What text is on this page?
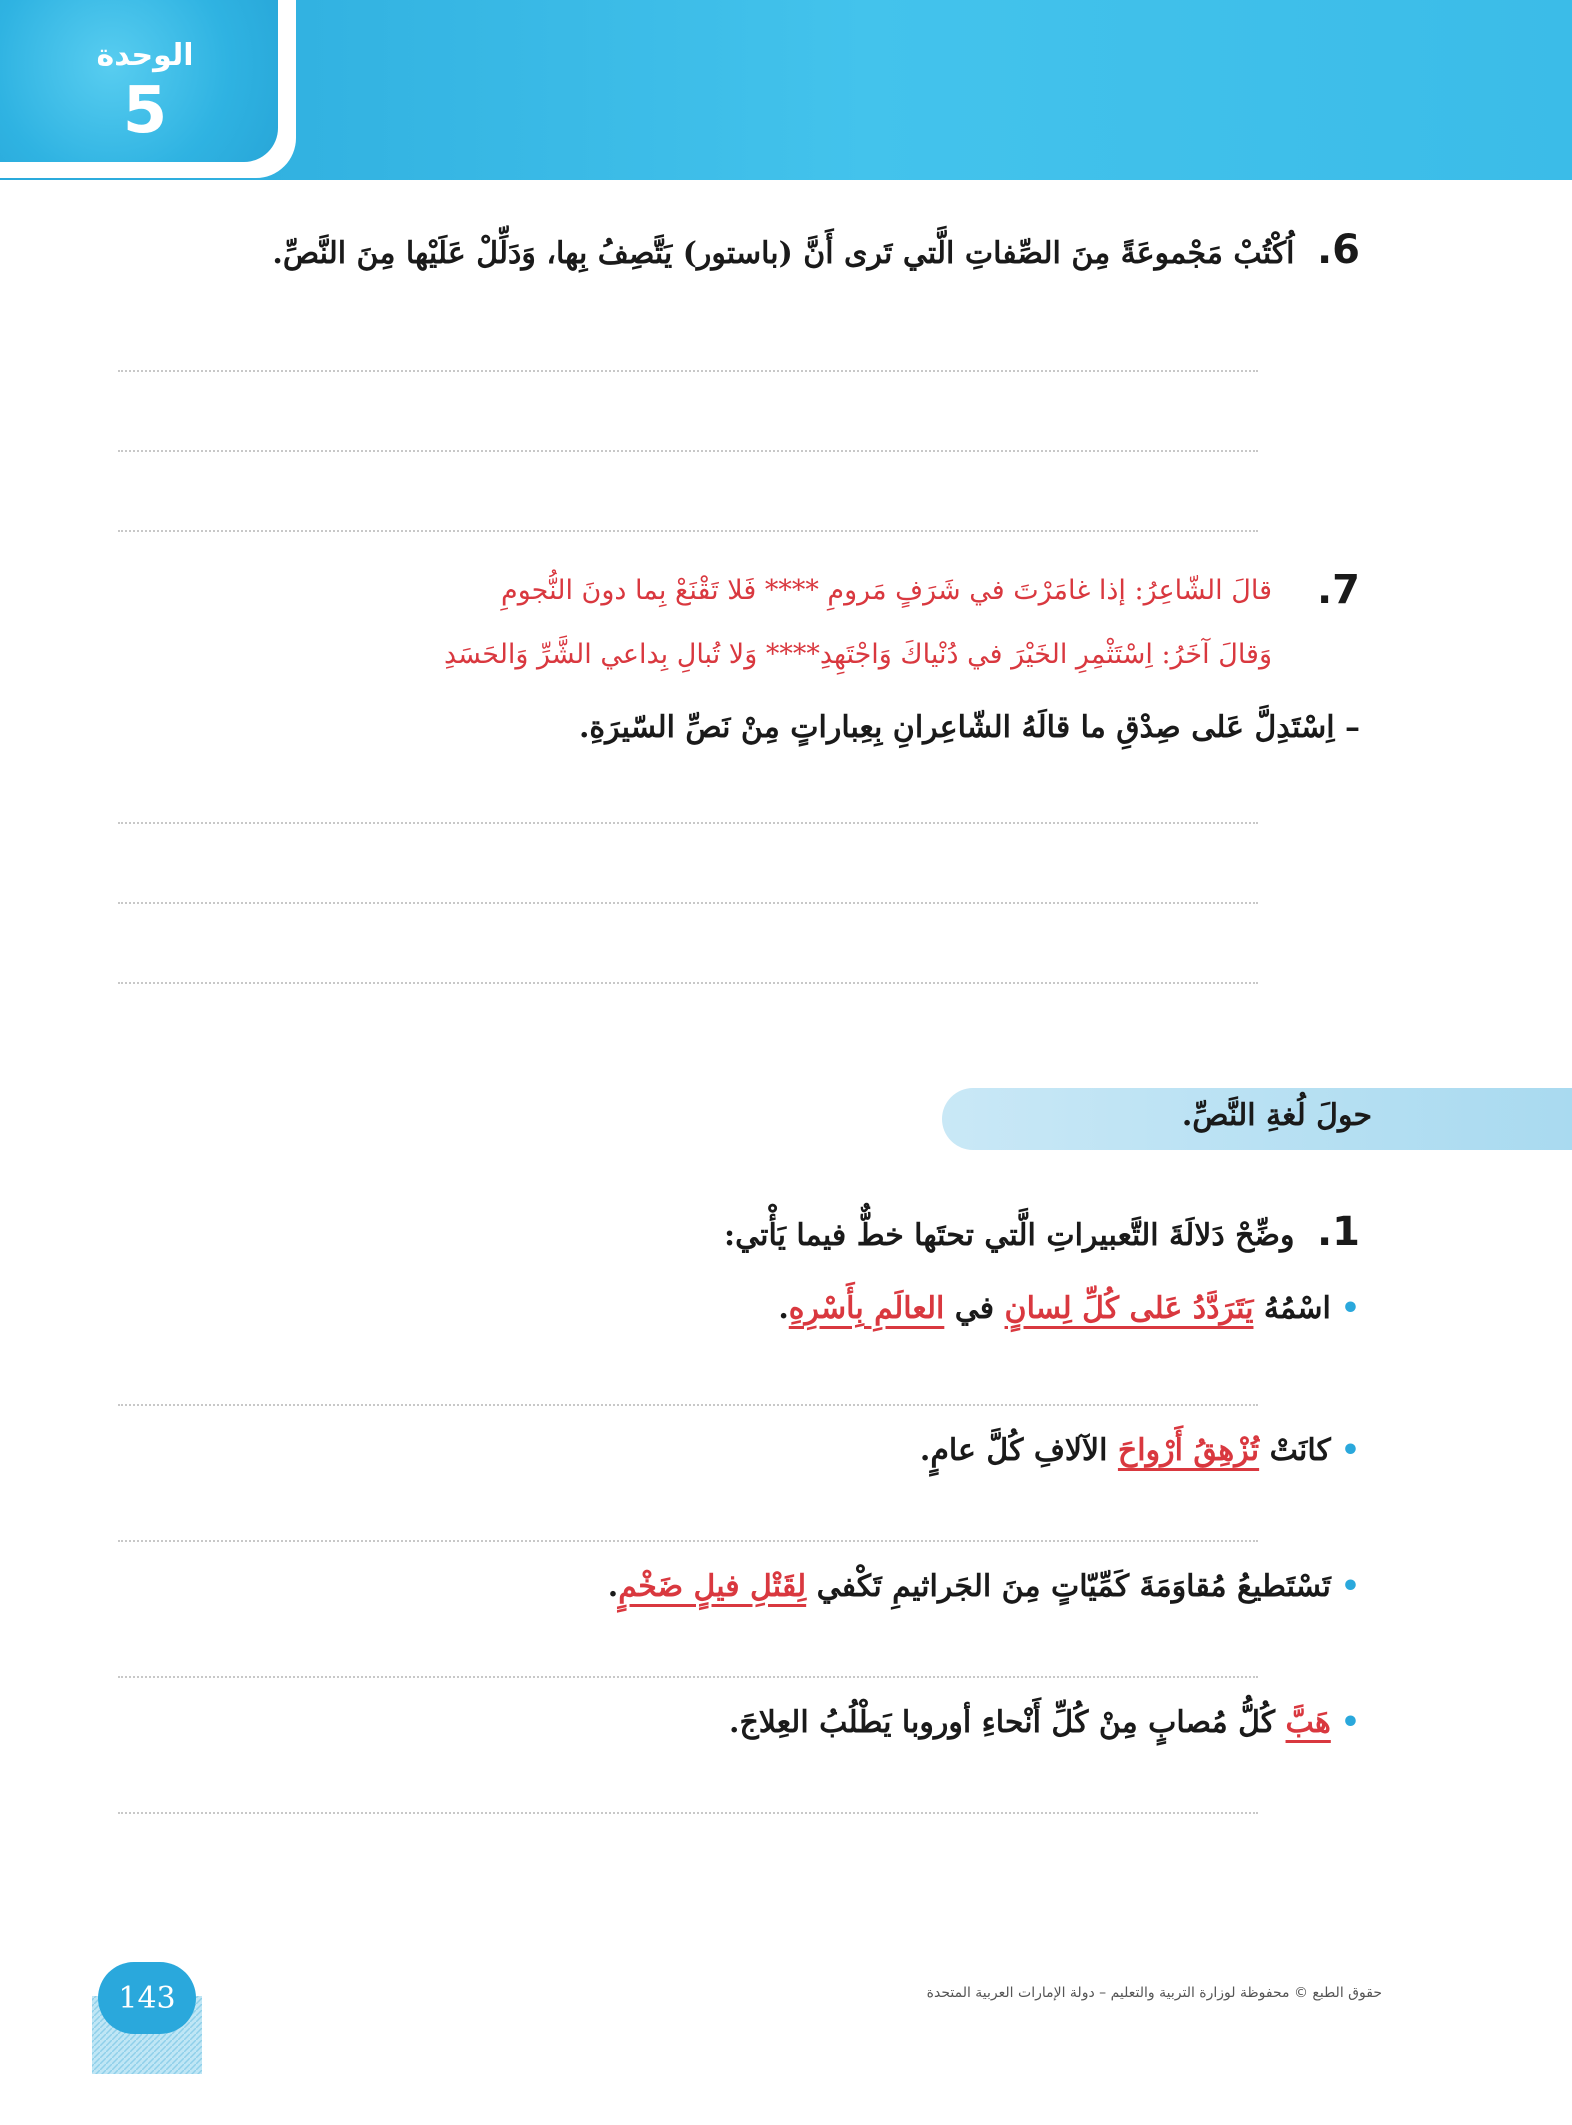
الوحدة
5
6. اُكْتُبْ مَجْموعَةً مِنَ الصِّفاتِ الَّتي تَرى أَنَّ (باستور) يَتَّصِفُ بِها، وَدَلِّلْ عَلَيْها مِنَ النَّصِّ.
7.
قالَ الشّاعِرُ: إذا غامَرْتَ في شَرَفٍ مَرومِ **** فَلا تَقْنَعْ بِما دونَ النُّجومِ
وَقالَ آخَرُ: اِسْتَثْمِرِ الخَيْرَ في دُنْياكَ وَاجْتَهِدِ**** وَلا تُبالِ بِداعي الشَّرِّ وَالحَسَدِ
– اِسْتَدِلَّ عَلى صِدْقِ ما قالَهُ الشّاعِرانِ بِعِباراتٍ مِنْ نَصِّ السّيرَةِ.
حولَ لُغةِ النَّصِّ.
1. وضِّحْ دَلالَةَ التَّعبيراتِ الَّتي تحتَها خطٌّ فيما يَأْتي:
•اسْمُهُ يَتَرَدَّدُ عَلى كُلِّ لِسانٍ في العالَمِ بِأَسْرِهِ.
•كانَتْ تُزْهِقُ أَرْواحَ الآلافِ كُلَّ عامٍ.
•تَسْتَطيعُ مُقاوَمَةَ كَمِّيّاتٍ مِنَ الجَراثيمِ تَكْفي لِقَتْلِ فيلٍ ضَخْمٍ.
•هَبَّ كُلُّ مُصابٍ مِنْ كُلِّ أَنْحاءِ أوروبا يَطْلُبُ العِلاجَ.
143	حقوق الطبع © محفوظة لوزارة التربية والتعليم – دولة الإمارات العربية المتحدة
